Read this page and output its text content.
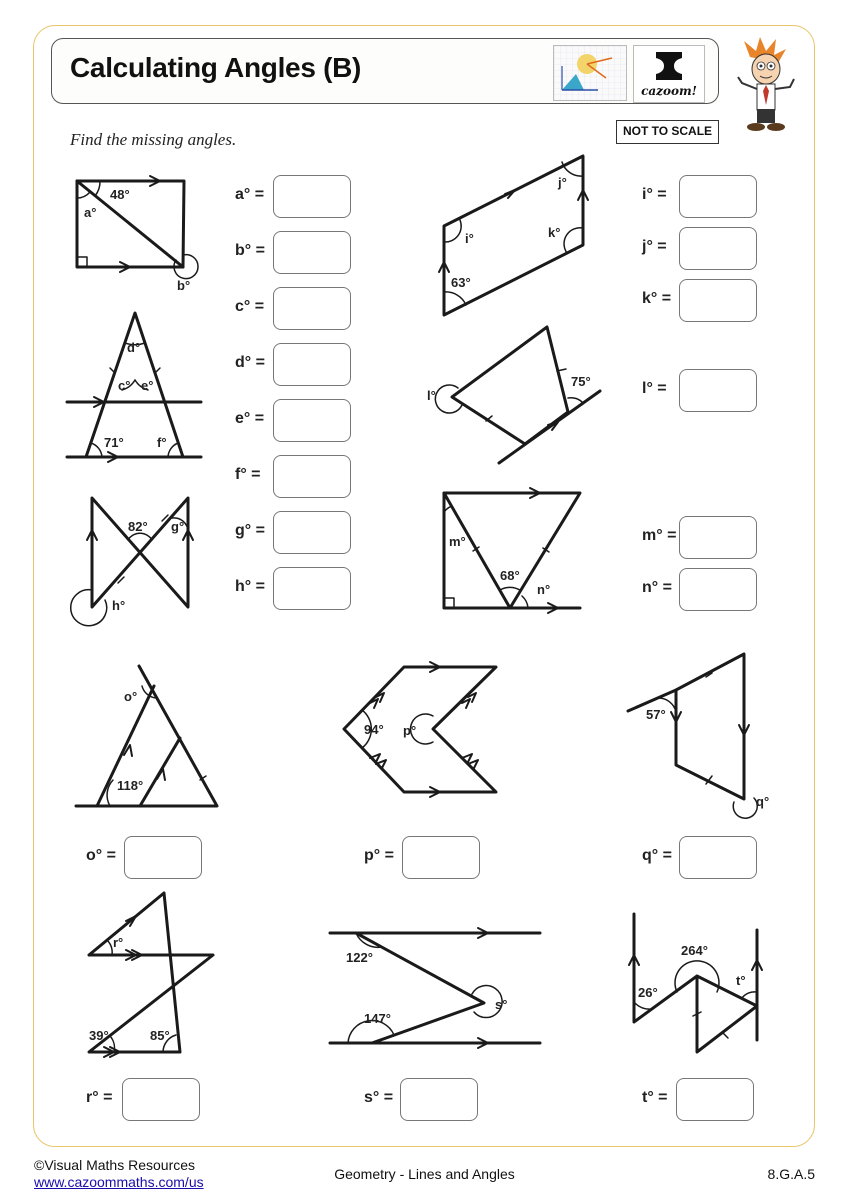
Calculating Angles (B)
cazoom!
Find the missing angles.	NOT TO SCALE
48°
a°
b°
d°
c° e°
71°	f°
82° g°
h°
j°
i°	k°
63°
l°
75°
m°
68°
n°
o°
118°
94° p°
57°
q°
r°
39°	85°
122°
147°
s°
264°
26°
t°
a° =
b° =
c° =
d° =
e° =
f° =
g° =
h° =
i° =
j° =
k° =
l° =
m° =
n° =
o° =	p° =	q° =
r° =	s° =	t° =
©Visual Maths Resources
www.cazoommaths.com/us	Geometry - Lines and Angles	8.G.A.5
